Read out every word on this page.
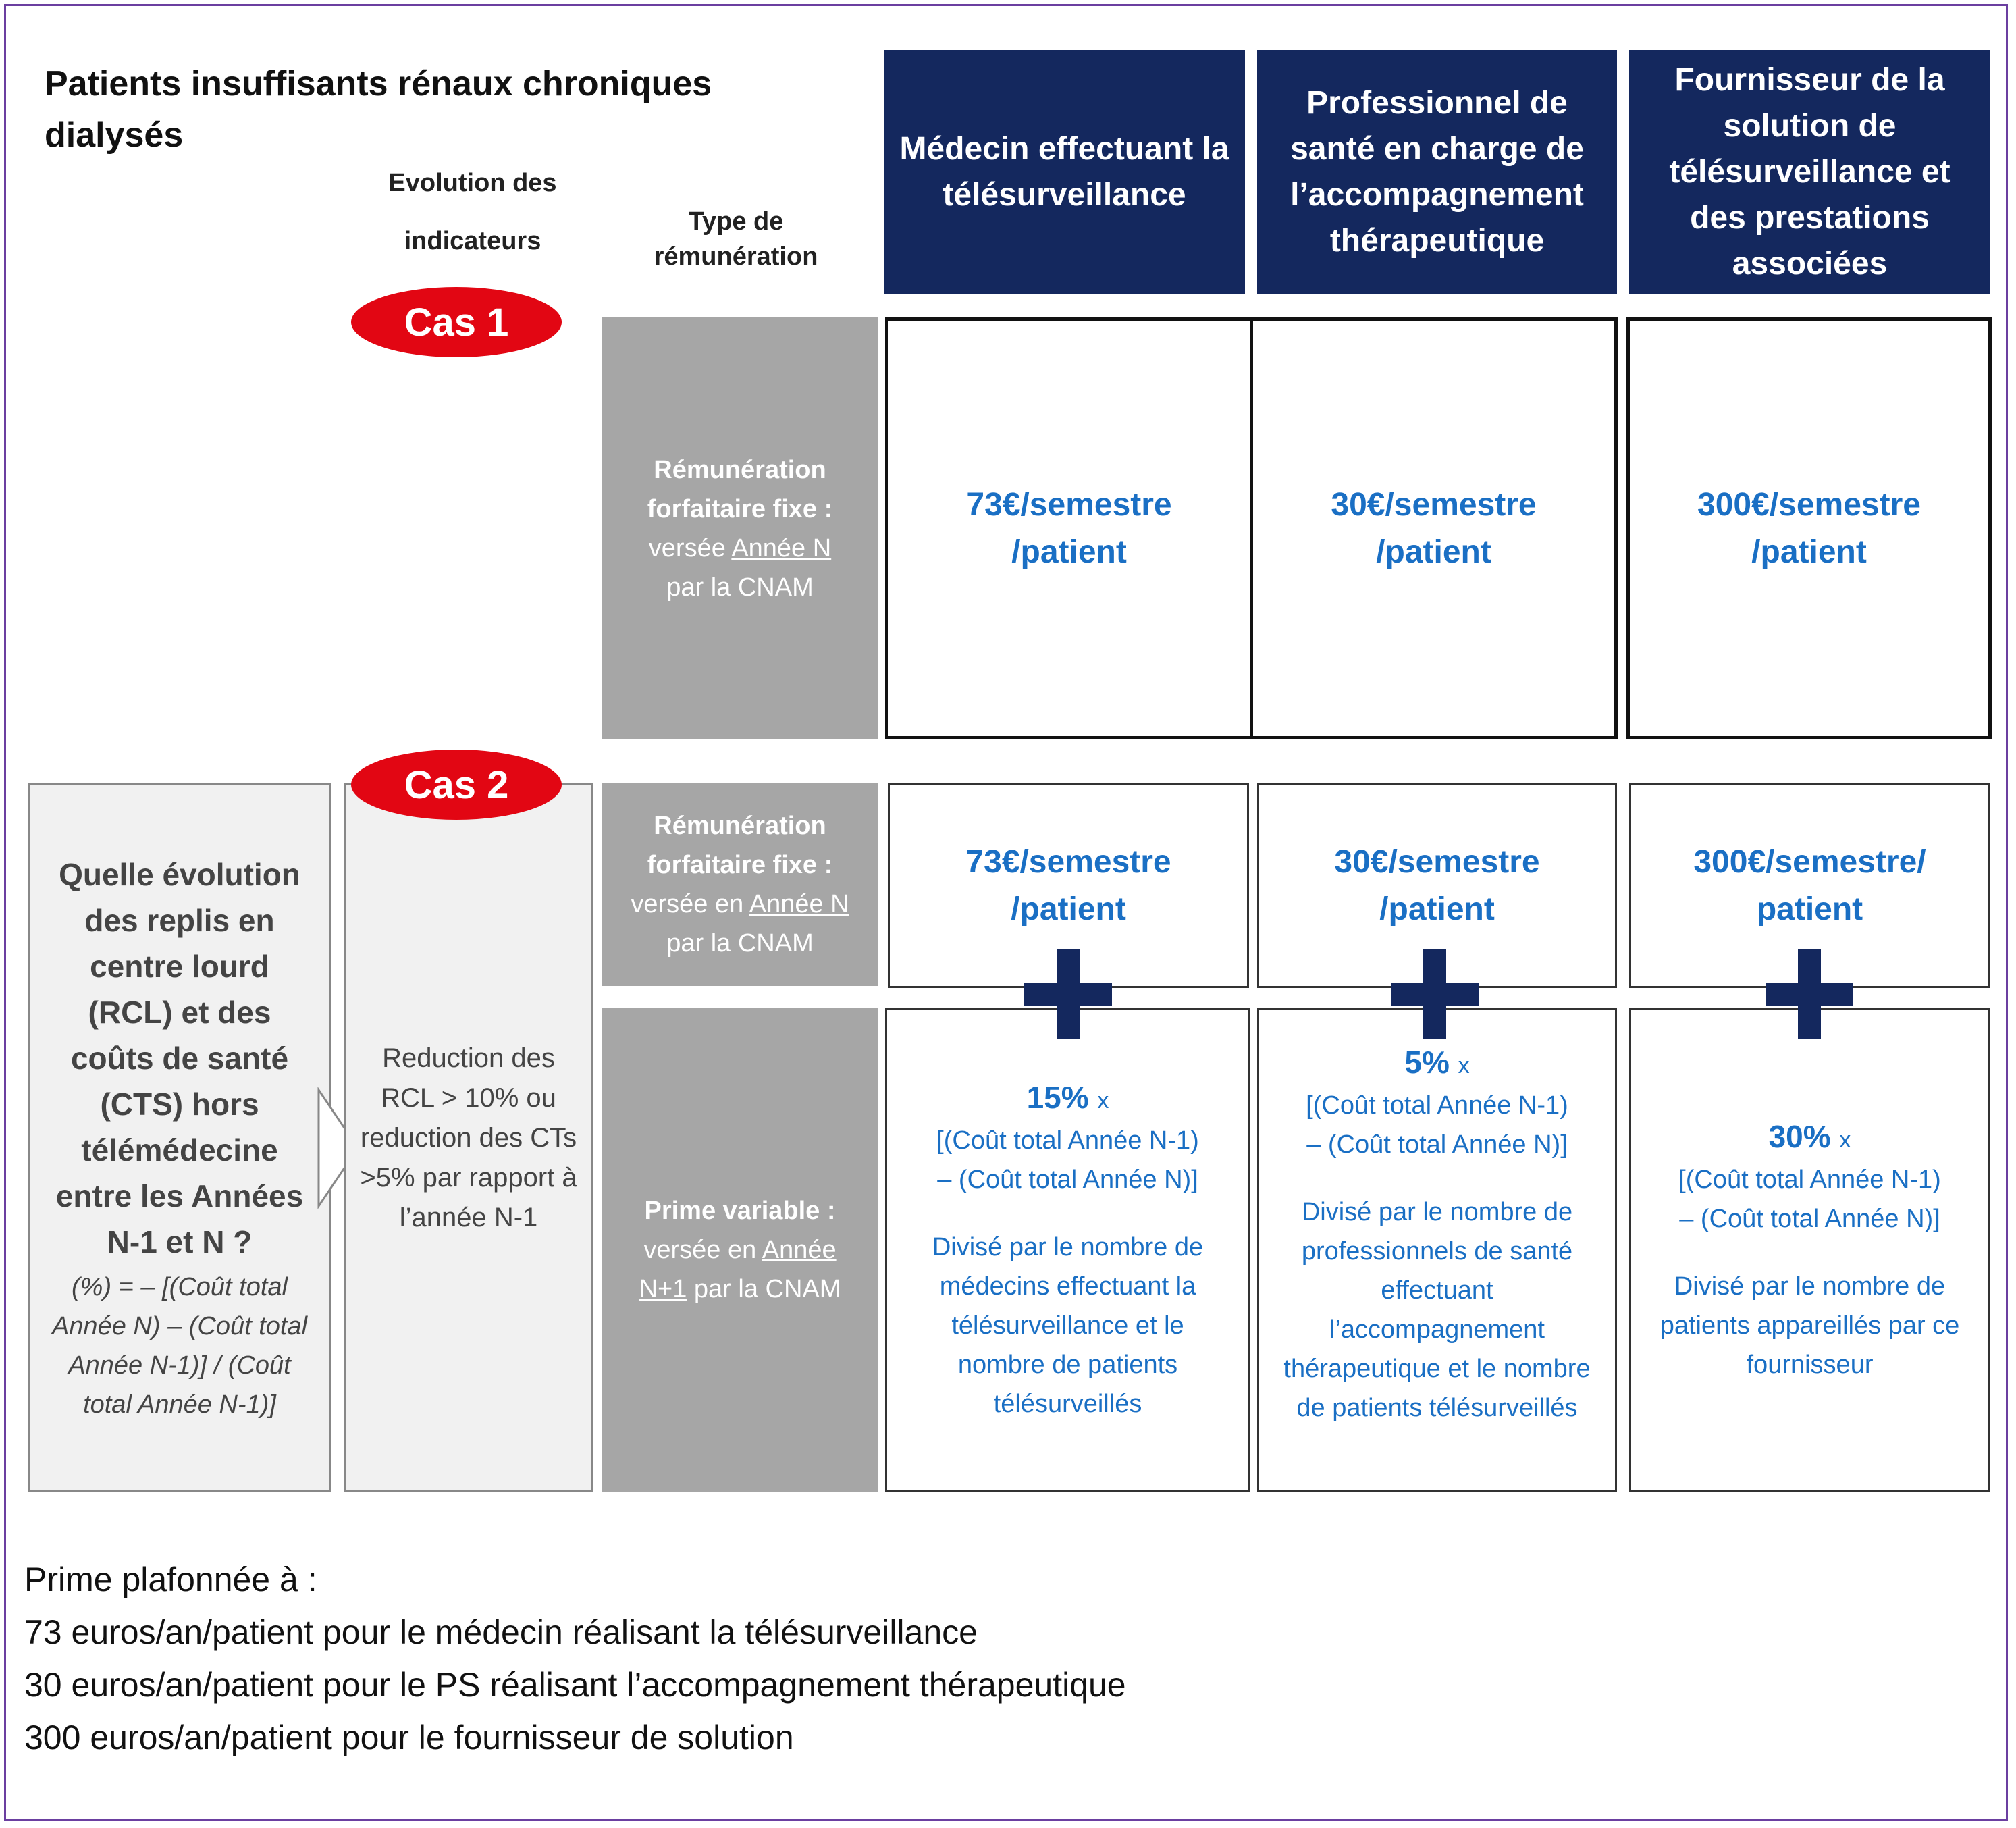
Patients insuffisants rénaux chroniques dialysés
Evolution des
indicateurs
Type de
rémunération
Médecin effectuant la télésurveillance
Professionnel de santé en charge de l’accompagnement thérapeutique
Fournisseur de la solution de télésurveillance et des prestations associées
Cas 1
Rémunération
forfaitaire fixe :
versée Année N
par la CNAM
73€/semestre
/patient
30€/semestre
/patient
300€/semestre
/patient
Quelle évolution des replis en centre lourd (RCL) et des coûts de santé (CTS) hors télémédecine entre les Années N-1 et N ?
(%) = – [(Coût total Année N) – (Coût total Année N-1)] / (Coût total Année N-1)]
Reduction des RCL > 10% ou reduction des CTs >5% par rapport à l’année N-1
Cas 2
Rémunération
forfaitaire fixe :
versée en Année N
par la CNAM
73€/semestre
/patient
30€/semestre
/patient
300€/semestre/
patient
Prime variable :
versée en Année
N+1 par la CNAM
15% x
[(Coût total Année N-1)
– (Coût total Année N)]
Divisé par le nombre de médecins effectuant la télésurveillance et le nombre de patients télésurveillés
5% x
[(Coût total Année N-1)
– (Coût total Année N)]
Divisé par le nombre de professionnels de santé effectuant l’accompagnement thérapeutique et le nombre de patients télésurveillés
30% x
[(Coût total Année N-1)
– (Coût total Année N)]
Divisé par le nombre de patients appareillés par ce fournisseur
Prime plafonnée à :
73 euros/an/patient pour le médecin réalisant la télésurveillance
30 euros/an/patient pour le PS réalisant l’accompagnement thérapeutique
300 euros/an/patient pour le fournisseur de solution
